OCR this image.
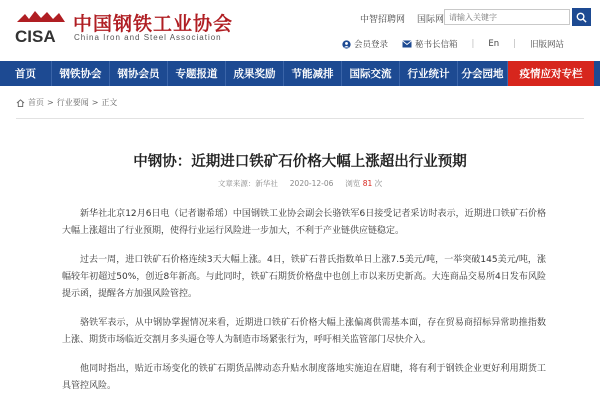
CISA
中国钢铁工业协会
China Iron and Steel Association
中智招聘网 国际网
请输入关键字
会员登录	秘书长信箱 | En | 旧版网站
首页	钢铁协会	钢协会员	专题报道	成果奖励	节能减排	国际交流	行业统计	分会园地	疫情应对专栏
首页 > 行业要闻 > 正文
中钢协：近期进口铁矿石价格大幅上涨超出行业预期
文章来源：新华社 2020-12-06 浏览 81 次

新华社北京12月6日电（记者谢希瑶）中国钢铁工业协会副会长骆铁军6日接受记者采访时表示，近期进口铁矿石价格大幅上涨超出了行业预期，使得行业运行风险进一步加大，不利于产业链供应链稳定。

过去一周，进口铁矿石价格连续3天大幅上涨。4日，铁矿石普氏指数单日上涨7.5美元/吨，一举突破145美元/吨，涨幅较年初超过50%，创近8年新高。与此同时，铁矿石期货价格盘中也创上市以来历史新高。大连商品交易所4日发布风险提示函，提醒各方加强风险管控。

骆铁军表示，从中钢协掌握情况来看，近期进口铁矿石价格大幅上涨偏离供需基本面，存在贸易商招标异常助推指数上涨、期货市场临近交割月多头逼仓等人为制造市场紧张行为，呼吁相关监管部门尽快介入。

他同时指出，贴近市场变化的铁矿石期货品牌动态升贴水制度落地实施迫在眉睫，将有利于钢铁企业更好利用期货工具管控风险。
